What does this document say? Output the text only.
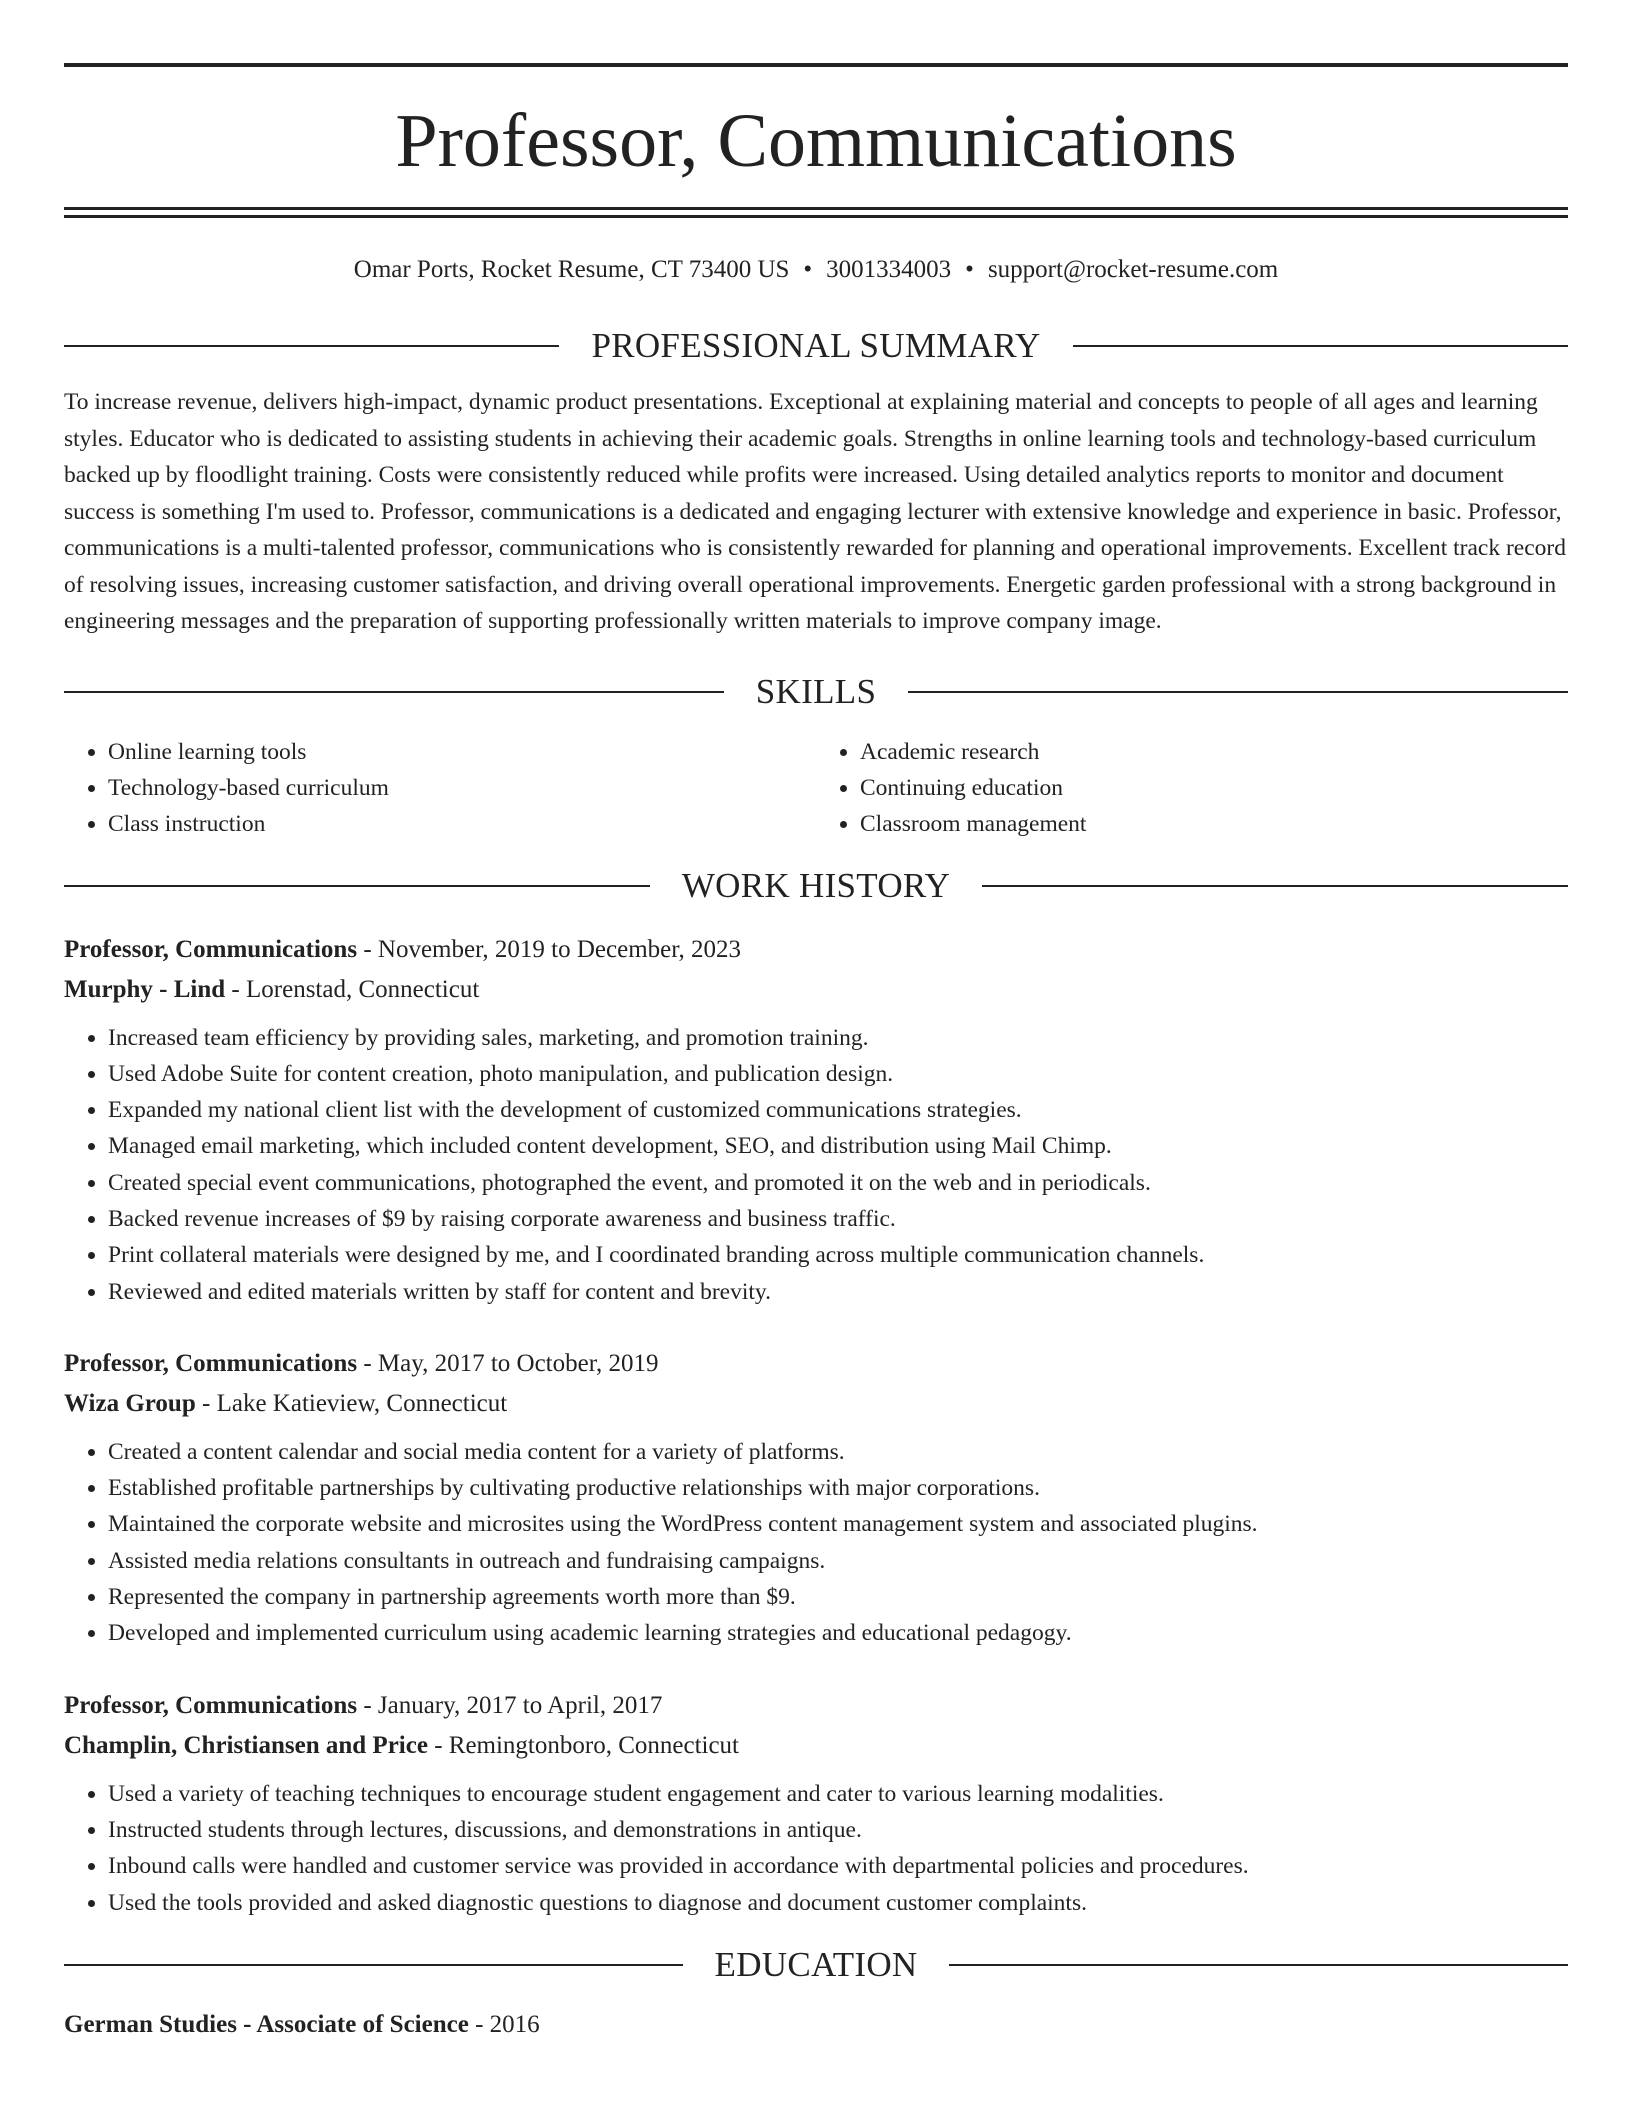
Professor, Communications
Omar Ports, Rocket Resume, CT 73400 US • 3001334003 • support@rocket-resume.com
PROFESSIONAL SUMMARY
To increase revenue, delivers high-impact, dynamic product presentations. Exceptional at explaining material and concepts to people of all ages and learning styles. Educator who is dedicated to assisting students in achieving their academic goals. Strengths in online learning tools and technology-based curriculum backed up by floodlight training. Costs were consistently reduced while profits were increased. Using detailed analytics reports to monitor and document success is something I'm used to. Professor, communications is a dedicated and engaging lecturer with extensive knowledge and experience in basic. Professor, communications is a multi-talented professor, communications who is consistently rewarded for planning and operational improvements. Excellent track record of resolving issues, increasing customer satisfaction, and driving overall operational improvements. Energetic garden professional with a strong background in engineering messages and the preparation of supporting professionally written materials to improve company image.
SKILLS
• Online learning tools
• Technology-based curriculum
• Class instruction
• Academic research
• Continuing education
• Classroom management
WORK HISTORY
Professor, Communications - November, 2019 to December, 2023
Murphy - Lind - Lorenstad, Connecticut
• Increased team efficiency by providing sales, marketing, and promotion training.
• Used Adobe Suite for content creation, photo manipulation, and publication design.
• Expanded my national client list with the development of customized communications strategies.
• Managed email marketing, which included content development, SEO, and distribution using Mail Chimp.
• Created special event communications, photographed the event, and promoted it on the web and in periodicals.
• Backed revenue increases of $9 by raising corporate awareness and business traffic.
• Print collateral materials were designed by me, and I coordinated branding across multiple communication channels.
• Reviewed and edited materials written by staff for content and brevity.
Professor, Communications - May, 2017 to October, 2019
Wiza Group - Lake Katieview, Connecticut
• Created a content calendar and social media content for a variety of platforms.
• Established profitable partnerships by cultivating productive relationships with major corporations.
• Maintained the corporate website and microsites using the WordPress content management system and associated plugins.
• Assisted media relations consultants in outreach and fundraising campaigns.
• Represented the company in partnership agreements worth more than $9.
• Developed and implemented curriculum using academic learning strategies and educational pedagogy.
Professor, Communications - January, 2017 to April, 2017
Champlin, Christiansen and Price - Remingtonboro, Connecticut
• Used a variety of teaching techniques to encourage student engagement and cater to various learning modalities.
• Instructed students through lectures, discussions, and demonstrations in antique.
• Inbound calls were handled and customer service was provided in accordance with departmental policies and procedures.
• Used the tools provided and asked diagnostic questions to diagnose and document customer complaints.
EDUCATION
German Studies - Associate of Science - 2016
